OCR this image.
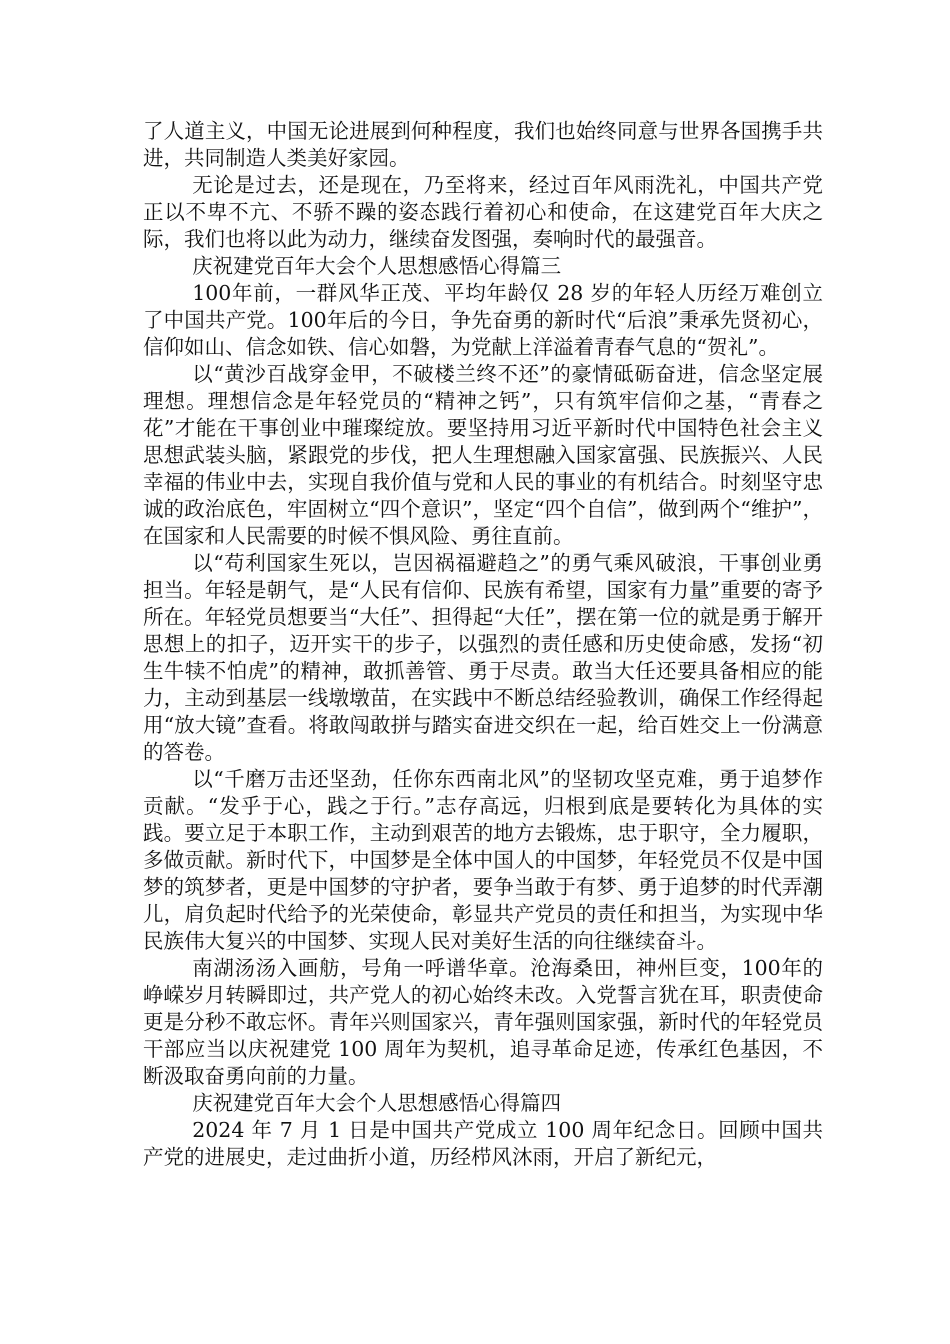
了人道主义，中国无论进展到何种程度，我们也始终同意与世界各国携手共进，共同制造人类美好家园。

无论是过去，还是现在，乃至将来，经过百年风雨洗礼，中国共产党正以不卑不亢、不骄不躁的姿态践行着初心和使命，在这建党百年大庆之际，我们也将以此为动力，继续奋发图强，奏响时代的最强音。

庆祝建党百年大会个人思想感悟心得篇三

100年前，一群风华正茂、平均年龄仅 28 岁的年轻人历经万难创立了中国共产党。100年后的今日，争先奋勇的新时代“后浪”秉承先贤初心，信仰如山、信念如铁、信心如磐，为党献上洋溢着青春气息的“贺礼”。

以“黄沙百战穿金甲，不破楼兰终不还”的豪情砥砺奋进，信念坚定展理想。理想信念是年轻党员的“精神之钙”，只有筑牢信仰之基，“青春之花”才能在干事创业中璀璨绽放。要坚持用习近平新时代中国特色社会主义思想武装头脑，紧跟党的步伐，把人生理想融入国家富强、民族振兴、人民幸福的伟业中去，实现自我价值与党和人民的事业的有机结合。时刻坚守忠诚的政治底色，牢固树立“四个意识”，坚定“四个自信”，做到两个“维护”，在国家和人民需要的时候不惧风险、勇往直前。

以“苟利国家生死以，岂因祸福避趋之”的勇气乘风破浪，干事创业勇担当。年轻是朝气，是“人民有信仰、民族有希望，国家有力量”重要的寄予所在。年轻党员想要当“大任”、担得起“大任”，摆在第一位的就是勇于解开思想上的扣子，迈开实干的步子，以强烈的责任感和历史使命感，发扬“初生牛犊不怕虎”的精神，敢抓善管、勇于尽责。敢当大任还要具备相应的能力，主动到基层一线墩墩苗，在实践中不断总结经验教训，确保工作经得起用“放大镜”查看。将敢闯敢拼与踏实奋进交织在一起，给百姓交上一份满意的答卷。

以“千磨万击还坚劲，任你东西南北风”的坚韧攻坚克难，勇于追梦作贡献。“发乎于心，践之于行。”志存高远，归根到底是要转化为具体的实践。要立足于本职工作，主动到艰苦的地方去锻炼，忠于职守，全力履职，多做贡献。新时代下，中国梦是全体中国人的中国梦，年轻党员不仅是中国梦的筑梦者，更是中国梦的守护者，要争当敢于有梦、勇于追梦的时代弄潮儿，肩负起时代给予的光荣使命，彰显共产党员的责任和担当，为实现中华民族伟大复兴的中国梦、实现人民对美好生活的向往继续奋斗。

南湖汤汤入画舫，号角一呼谱华章。沧海桑田，神州巨变，100年的峥嵘岁月转瞬即过，共产党人的初心始终未改。入党誓言犹在耳，职责使命更是分秒不敢忘怀。青年兴则国家兴，青年强则国家强，新时代的年轻党员干部应当以庆祝建党 100 周年为契机，追寻革命足迹，传承红色基因，不断汲取奋勇向前的力量。

庆祝建党百年大会个人思想感悟心得篇四

2024 年 7 月 1 日是中国共产党成立 100 周年纪念日。回顾中国共产党的进展史，走过曲折小道，历经栉风沐雨，开启了新纪元，
